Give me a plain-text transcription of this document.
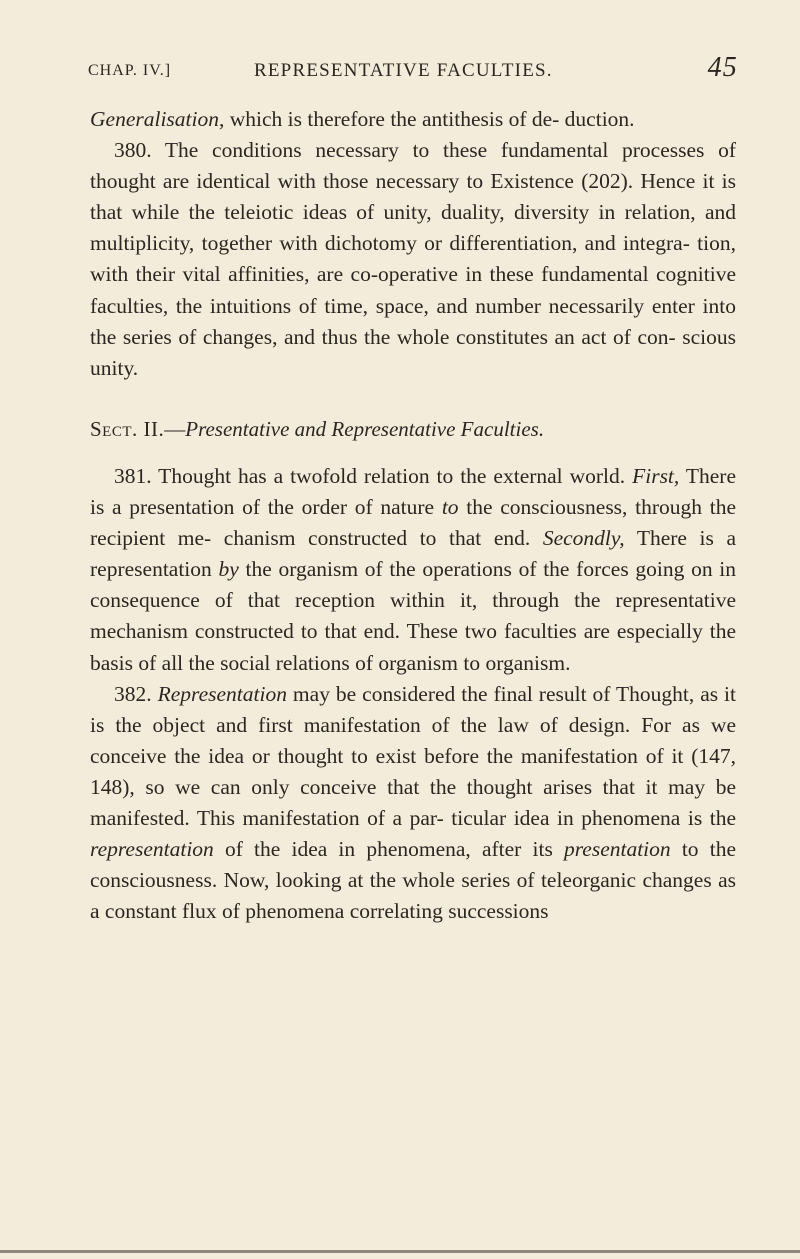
CHAP. IV.]	REPRESENTATIVE FACULTIES.	45

Generalisation, which is therefore the antithesis of de- duction.

380. The conditions necessary to these fundamental processes of thought are identical with those necessary to Existence (202). Hence it is that while the teleiotic ideas of unity, duality, diversity in relation, and multiplicity, together with dichotomy or differentiation, and integra- tion, with their vital affinities, are co-operative in these fundamental cognitive faculties, the intuitions of time, space, and number necessarily enter into the series of changes, and thus the whole constitutes an act of con- scious unity.

Sect. II.—Presentative and Representative Faculties.

381. Thought has a twofold relation to the external world. First, There is a presentation of the order of nature to the consciousness, through the recipient me- chanism constructed to that end. Secondly, There is a representation by the organism of the operations of the forces going on in consequence of that reception within it, through the representative mechanism constructed to that end. These two faculties are especially the basis of all the social relations of organism to organism.

382. Representation may be considered the final result of Thought, as it is the object and first manifestation of the law of design. For as we conceive the idea or thought to exist before the manifestation of it (147, 148), so we can only conceive that the thought arises that it may be manifested. This manifestation of a par- ticular idea in phenomena is the representation of the idea in phenomena, after its presentation to the consciousness. Now, looking at the whole series of teleorganic changes as a constant flux of phenomena correlating successions
